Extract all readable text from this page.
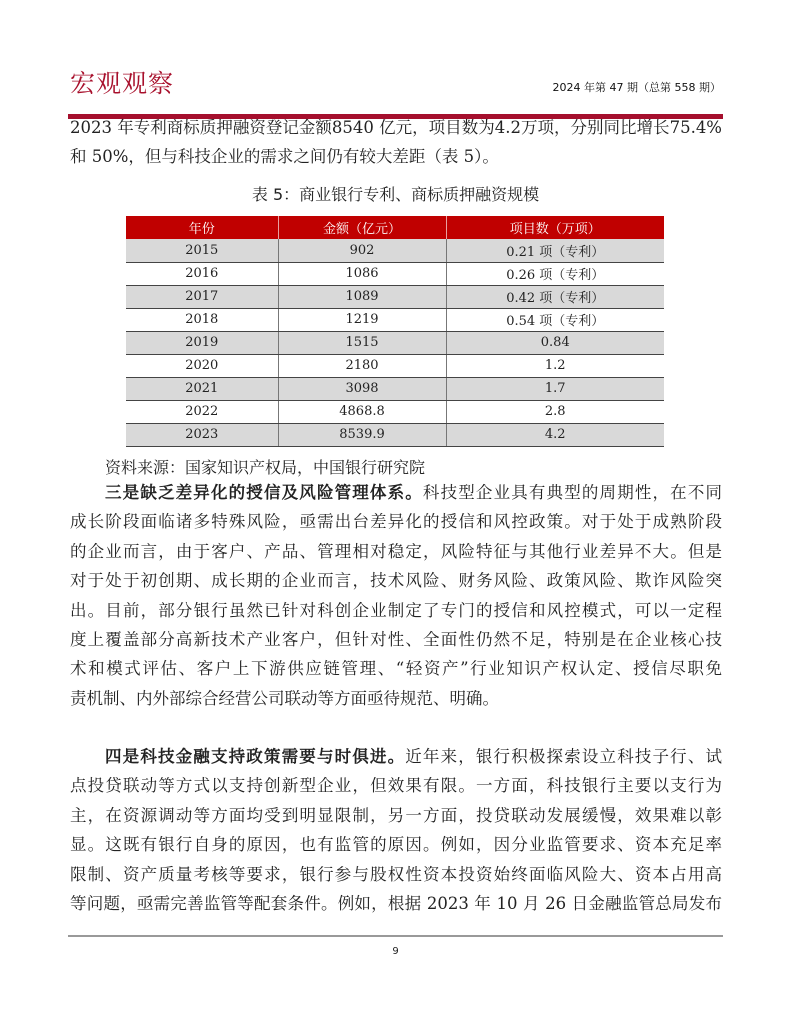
宏观观察	2024 年第 47 期（总第 558 期）
2023 年专利商标质押融资登记金额8540 亿元，项目数为4.2万项，分别同比增长75.4%
和 50%，但与科技企业的需求之间仍有较大差距（表 5）。
表 5：商业银行专利、商标质押融资规模
年份	金额（亿元）	项目数（万项）
2015	902	0.21 项（专利）
2016	1086	0.26 项（专利）
2017	1089	0.42 项（专利）
2018	1219	0.54 项（专利）
2019	1515	0.84
2020	2180	1.2
2021	3098	1.7
2022	4868.8	2.8
2023	8539.9	4.2
资料来源：国家知识产权局，中国银行研究院
三是缺乏差异化的授信及风险管理体系。科技型企业具有典型的周期性，在不同
成长阶段面临诸多特殊风险，亟需出台差异化的授信和风控政策。对于处于成熟阶段
的企业而言，由于客户、产品、管理相对稳定，风险特征与其他行业差异不大。但是
对于处于初创期、成长期的企业而言，技术风险、财务风险、政策风险、欺诈风险突
出。目前，部分银行虽然已针对科创企业制定了专门的授信和风控模式，可以一定程
度上覆盖部分高新技术产业客户，但针对性、全面性仍然不足，特别是在企业核心技
术和模式评估、客户上下游供应链管理、“轻资产”行业知识产权认定、授信尽职免
责机制、内外部综合经营公司联动等方面亟待规范、明确。
四是科技金融支持政策需要与时俱进。近年来，银行积极探索设立科技子行、试
点投贷联动等方式以支持创新型企业，但效果有限。一方面，科技银行主要以支行为
主，在资源调动等方面均受到明显限制，另一方面，投贷联动发展缓慢，效果难以彰
显。这既有银行自身的原因，也有监管的原因。例如，因分业监管要求、资本充足率
限制、资产质量考核等要求，银行参与股权性资本投资始终面临风险大、资本占用高
等问题，亟需完善监管等配套条件。例如，根据 2023 年 10 月 26 日金融监管总局发布
9
